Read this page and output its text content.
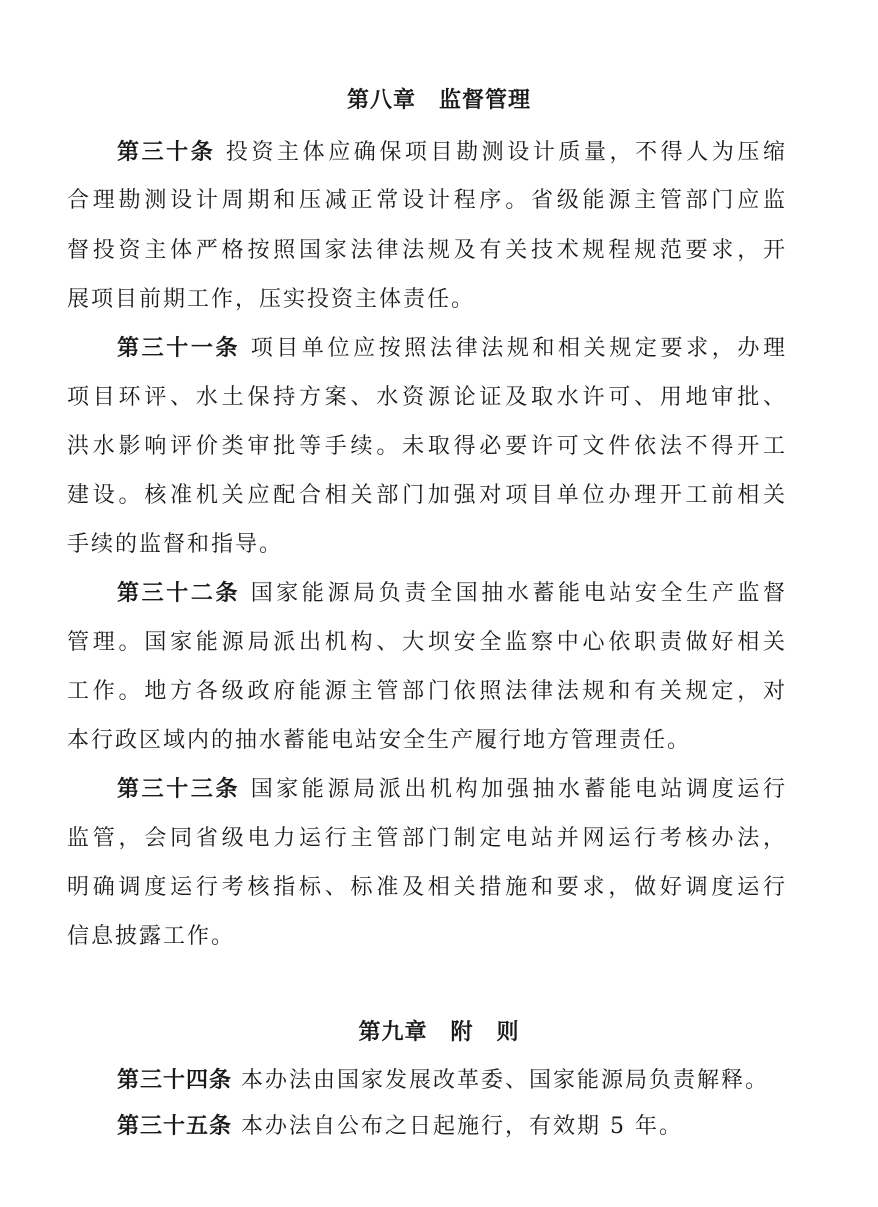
第八章　监督管理
第三十条 投资主体应确保项目勘测设计质量，不得人为压缩
合理勘测设计周期和压减正常设计程序。省级能源主管部门应监
督投资主体严格按照国家法律法规及有关技术规程规范要求，开
展项目前期工作，压实投资主体责任。
第三十一条 项目单位应按照法律法规和相关规定要求，办理
项目环评、水土保持方案、水资源论证及取水许可、用地审批、
洪水影响评价类审批等手续。未取得必要许可文件依法不得开工
建设。核准机关应配合相关部门加强对项目单位办理开工前相关
手续的监督和指导。
第三十二条 国家能源局负责全国抽水蓄能电站安全生产监督
管理。国家能源局派出机构、大坝安全监察中心依职责做好相关
工作。地方各级政府能源主管部门依照法律法规和有关规定，对
本行政区域内的抽水蓄能电站安全生产履行地方管理责任。
第三十三条 国家能源局派出机构加强抽水蓄能电站调度运行
监管，会同省级电力运行主管部门制定电站并网运行考核办法，
明确调度运行考核指标、标准及相关措施和要求，做好调度运行
信息披露工作。
第九章　附　则
第三十四条 本办法由国家发展改革委、国家能源局负责解释。
第三十五条 本办法自公布之日起施行，有效期 5 年。
